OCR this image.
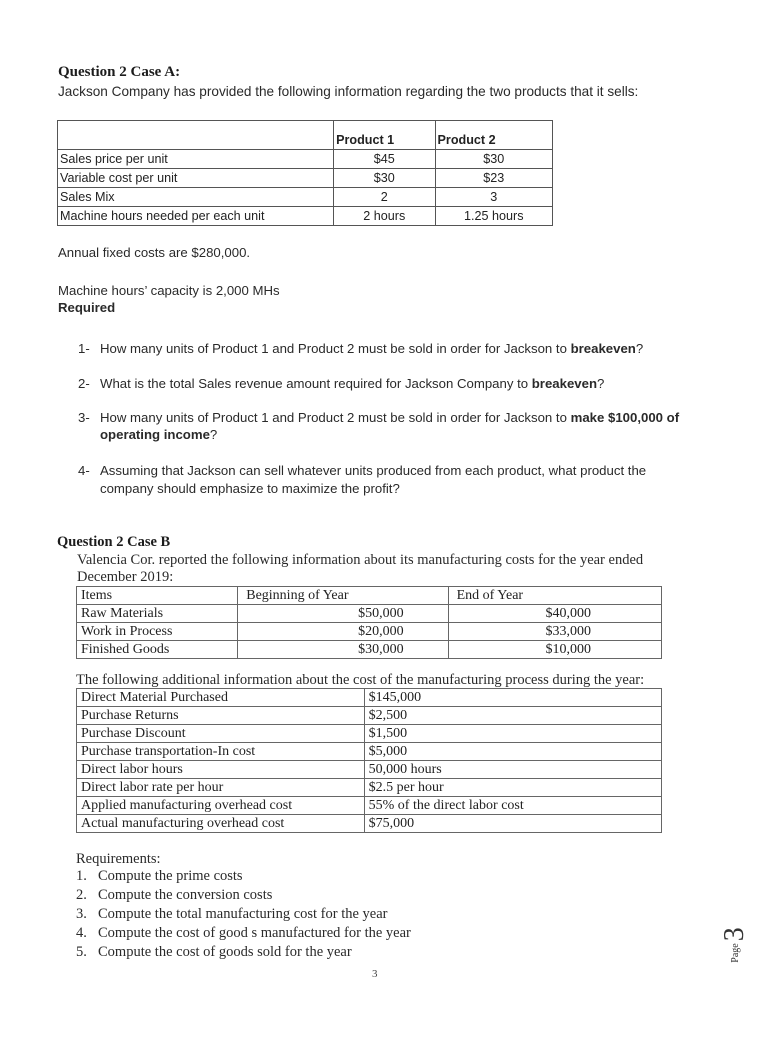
Question 2 Case A:
Jackson Company has provided the following information regarding the two products that it sells:
	Product 1	Product 2
Sales price per unit	$45	$30
Variable cost per unit	$30	$23
Sales Mix	2	3
Machine hours needed per each unit	2 hours	1.25 hours
Annual fixed costs are $280,000.
Machine hours’ capacity is 2,000 MHs
Required
1- How many units of Product 1 and Product 2 must be sold in order for Jackson to breakeven?
2- What is the total Sales revenue amount required for Jackson Company to breakeven?
3- How many units of Product 1 and Product 2 must be sold in order for Jackson to make $100,000 of
operating income?
4- Assuming that Jackson can sell whatever units produced from each product, what product the
company should emphasize to maximize the profit?
Question 2 Case B
Valencia Cor. reported the following information about its manufacturing costs for the year ended
December 2019:
Items	Beginning of Year	End of Year
Raw Materials	$50,000	$40,000
Work in Process	$20,000	$33,000
Finished Goods	$30,000	$10,000
The following additional information about the cost of the manufacturing process during the year:
Direct Material Purchased	$145,000
Purchase Returns	$2,500
Purchase Discount	$1,500
Purchase transportation-In cost	$5,000
Direct labor hours	50,000 hours
Direct labor rate per hour	$2.5 per hour
Applied manufacturing overhead cost	55% of the direct labor cost
Actual manufacturing overhead cost	$75,000
Requirements:
1. Compute the prime costs
2. Compute the conversion costs
3. Compute the total manufacturing cost for the year
4. Compute the cost of good s manufactured for the year
5. Compute the cost of goods sold for the year
3
Page
3
